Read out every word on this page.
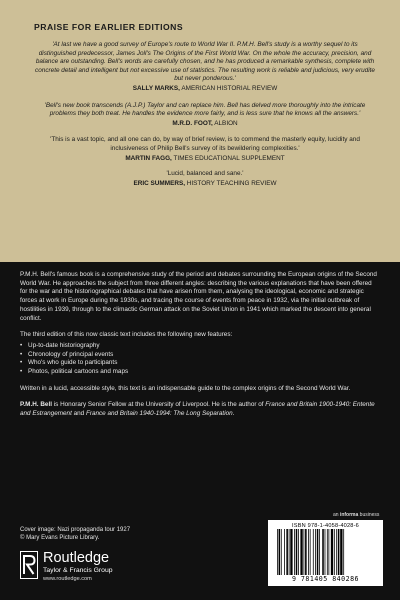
PRAISE FOR EARLIER EDITIONS
'At last we have a good survey of Europe's route to World War II. P.M.H. Bell's study is a worthy sequel to its distinguished predecessor, James Joll's The Origins of the First World War. On the whole the accuracy, precision, and balance are outstanding. Bell's words are carefully chosen, and he has produced a remarkable synthesis, complete with concrete detail and intelligent but not excessive use of statistics. The resulting work is reliable and judicious, very erudite but never ponderous.'
SALLY MARKS, AMERICAN HISTORIAL REVIEW
'Bell's new book transcends (A.J.P.) Taylor and can replace him. Bell has delved more thoroughly into the intricate problems they both treat. He handles the evidence more fairly, and is less sure that he knows all the answers.'
M.R.D. FOOT, ALBION
'This is a vast topic, and all one can do, by way of brief review, is to commend the masterly equity, lucidity and inclusiveness of Philip Bell's survey of its bewildering complexities.'
MARTIN FAGG, TIMES EDUCATIONAL SUPPLEMENT
'Lucid, balanced and sane.'
ERIC SUMMERS, HISTORY TEACHING REVIEW

P.M.H. Bell's famous book is a comprehensive study of the period and debates surrounding the European origins of the Second World War. He approaches the subject from three different angles: describing the various explanations that have been offered for the war and the historiographical debates that have arisen from them, analysing the ideological, economic and strategic forces at work in Europe during the 1930s, and tracing the course of events from peace in 1932, via the initial outbreak of hostilities in 1939, through to the climactic German attack on the Soviet Union in 1941 which marked the descent into general conflict.

The third edition of this now classic text includes the following new features:

• Up-to-date historiography
• Chronology of principal events
• Who's who guide to participants
• Photos, political cartoons and maps

Written in a lucid, accessible style, this text is an indispensable guide to the complex origins of the Second World War.

P.M.H. Bell is Honorary Senior Fellow at the University of Liverpool. He is the author of France and Britain 1900-1940: Entente and Estrangement and France and Britain 1940-1994: The Long Separation.

Cover image: Nazi propaganda tour 1927
© Mary Evans Picture Library.
Routledge
Taylor & Francis Group
www.routledge.com
an informa business
ISBN 978-1-4058-4028-6
9 781405 840286
